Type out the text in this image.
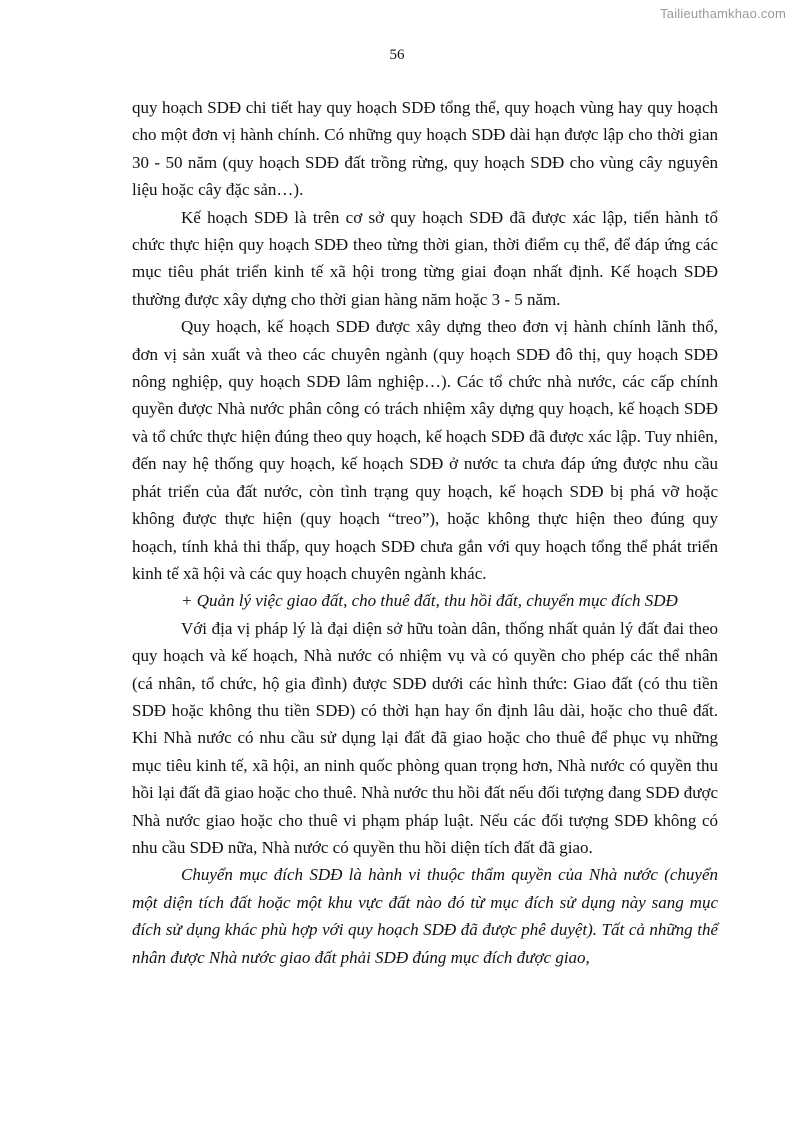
Tailieuthamkhao.com
56

quy hoạch SDĐ chi tiết hay quy hoạch SDĐ tổng thể, quy hoạch vùng hay quy hoạch cho một đơn vị hành chính. Có những quy hoạch SDĐ dài hạn được lập cho thời gian 30 - 50 năm (quy hoạch SDĐ đất trồng rừng, quy hoạch SDĐ cho vùng cây nguyên liệu hoặc cây đặc sản…).

Kế hoạch SDĐ là trên cơ sở quy hoạch SDĐ đã được xác lập, tiến hành tổ chức thực hiện quy hoạch SDĐ theo từng thời gian, thời điểm cụ thể, để đáp ứng các mục tiêu phát triển kinh tế xã hội trong từng giai đoạn nhất định. Kế hoạch SDĐ thường được xây dựng cho thời gian hàng năm hoặc 3 - 5 năm.

Quy hoạch, kế hoạch SDĐ được xây dựng theo đơn vị hành chính lãnh thổ, đơn vị sản xuất và theo các chuyên ngành (quy hoạch SDĐ đô thị, quy hoạch SDĐ nông nghiệp, quy hoạch SDĐ lâm nghiệp…). Các tổ chức nhà nước, các cấp chính quyền được Nhà nước phân công có trách nhiệm xây dựng quy hoạch, kế hoạch SDĐ và tổ chức thực hiện đúng theo quy hoạch, kế hoạch SDĐ đã được xác lập. Tuy nhiên, đến nay hệ thống quy hoạch, kế hoạch SDĐ ở nước ta chưa đáp ứng được nhu cầu phát triển của đất nước, còn tình trạng quy hoạch, kế hoạch SDĐ bị phá vỡ hoặc không được thực hiện (quy hoạch “treo”), hoặc không thực hiện theo đúng quy hoạch, tính khả thi thấp, quy hoạch SDĐ chưa gắn với quy hoạch tổng thể phát triển kinh tế xã hội và các quy hoạch chuyên ngành khác.

+ Quản lý việc giao đất, cho thuê đất, thu hồi đất, chuyển mục đích SDĐ

Với địa vị pháp lý là đại diện sở hữu toàn dân, thống nhất quản lý đất đai theo quy hoạch và kế hoạch, Nhà nước có nhiệm vụ và có quyền cho phép các thể nhân (cá nhân, tổ chức, hộ gia đình) được SDĐ dưới các hình thức: Giao đất (có thu tiền SDĐ hoặc không thu tiền SDĐ) có thời hạn hay ổn định lâu dài, hoặc cho thuê đất. Khi Nhà nước có nhu cầu sử dụng lại đất đã giao hoặc cho thuê để phục vụ những mục tiêu kinh tế, xã hội, an ninh quốc phòng quan trọng hơn, Nhà nước có quyền thu hồi lại đất đã giao hoặc cho thuê. Nhà nước thu hồi đất nếu đối tượng đang SDĐ được Nhà nước giao hoặc cho thuê vi phạm pháp luật. Nếu các đối tượng SDĐ không có nhu cầu SDĐ nữa, Nhà nước có quyền thu hồi diện tích đất đã giao.

Chuyển mục đích SDĐ là hành vi thuộc thẩm quyền của Nhà nước (chuyển một diện tích đất hoặc một khu vực đất nào đó từ mục đích sử dụng này sang mục đích sử dụng khác phù hợp với quy hoạch SDĐ đã được phê duyệt). Tất cả những thể nhân được Nhà nước giao đất phải SDĐ đúng mục đích được giao,
